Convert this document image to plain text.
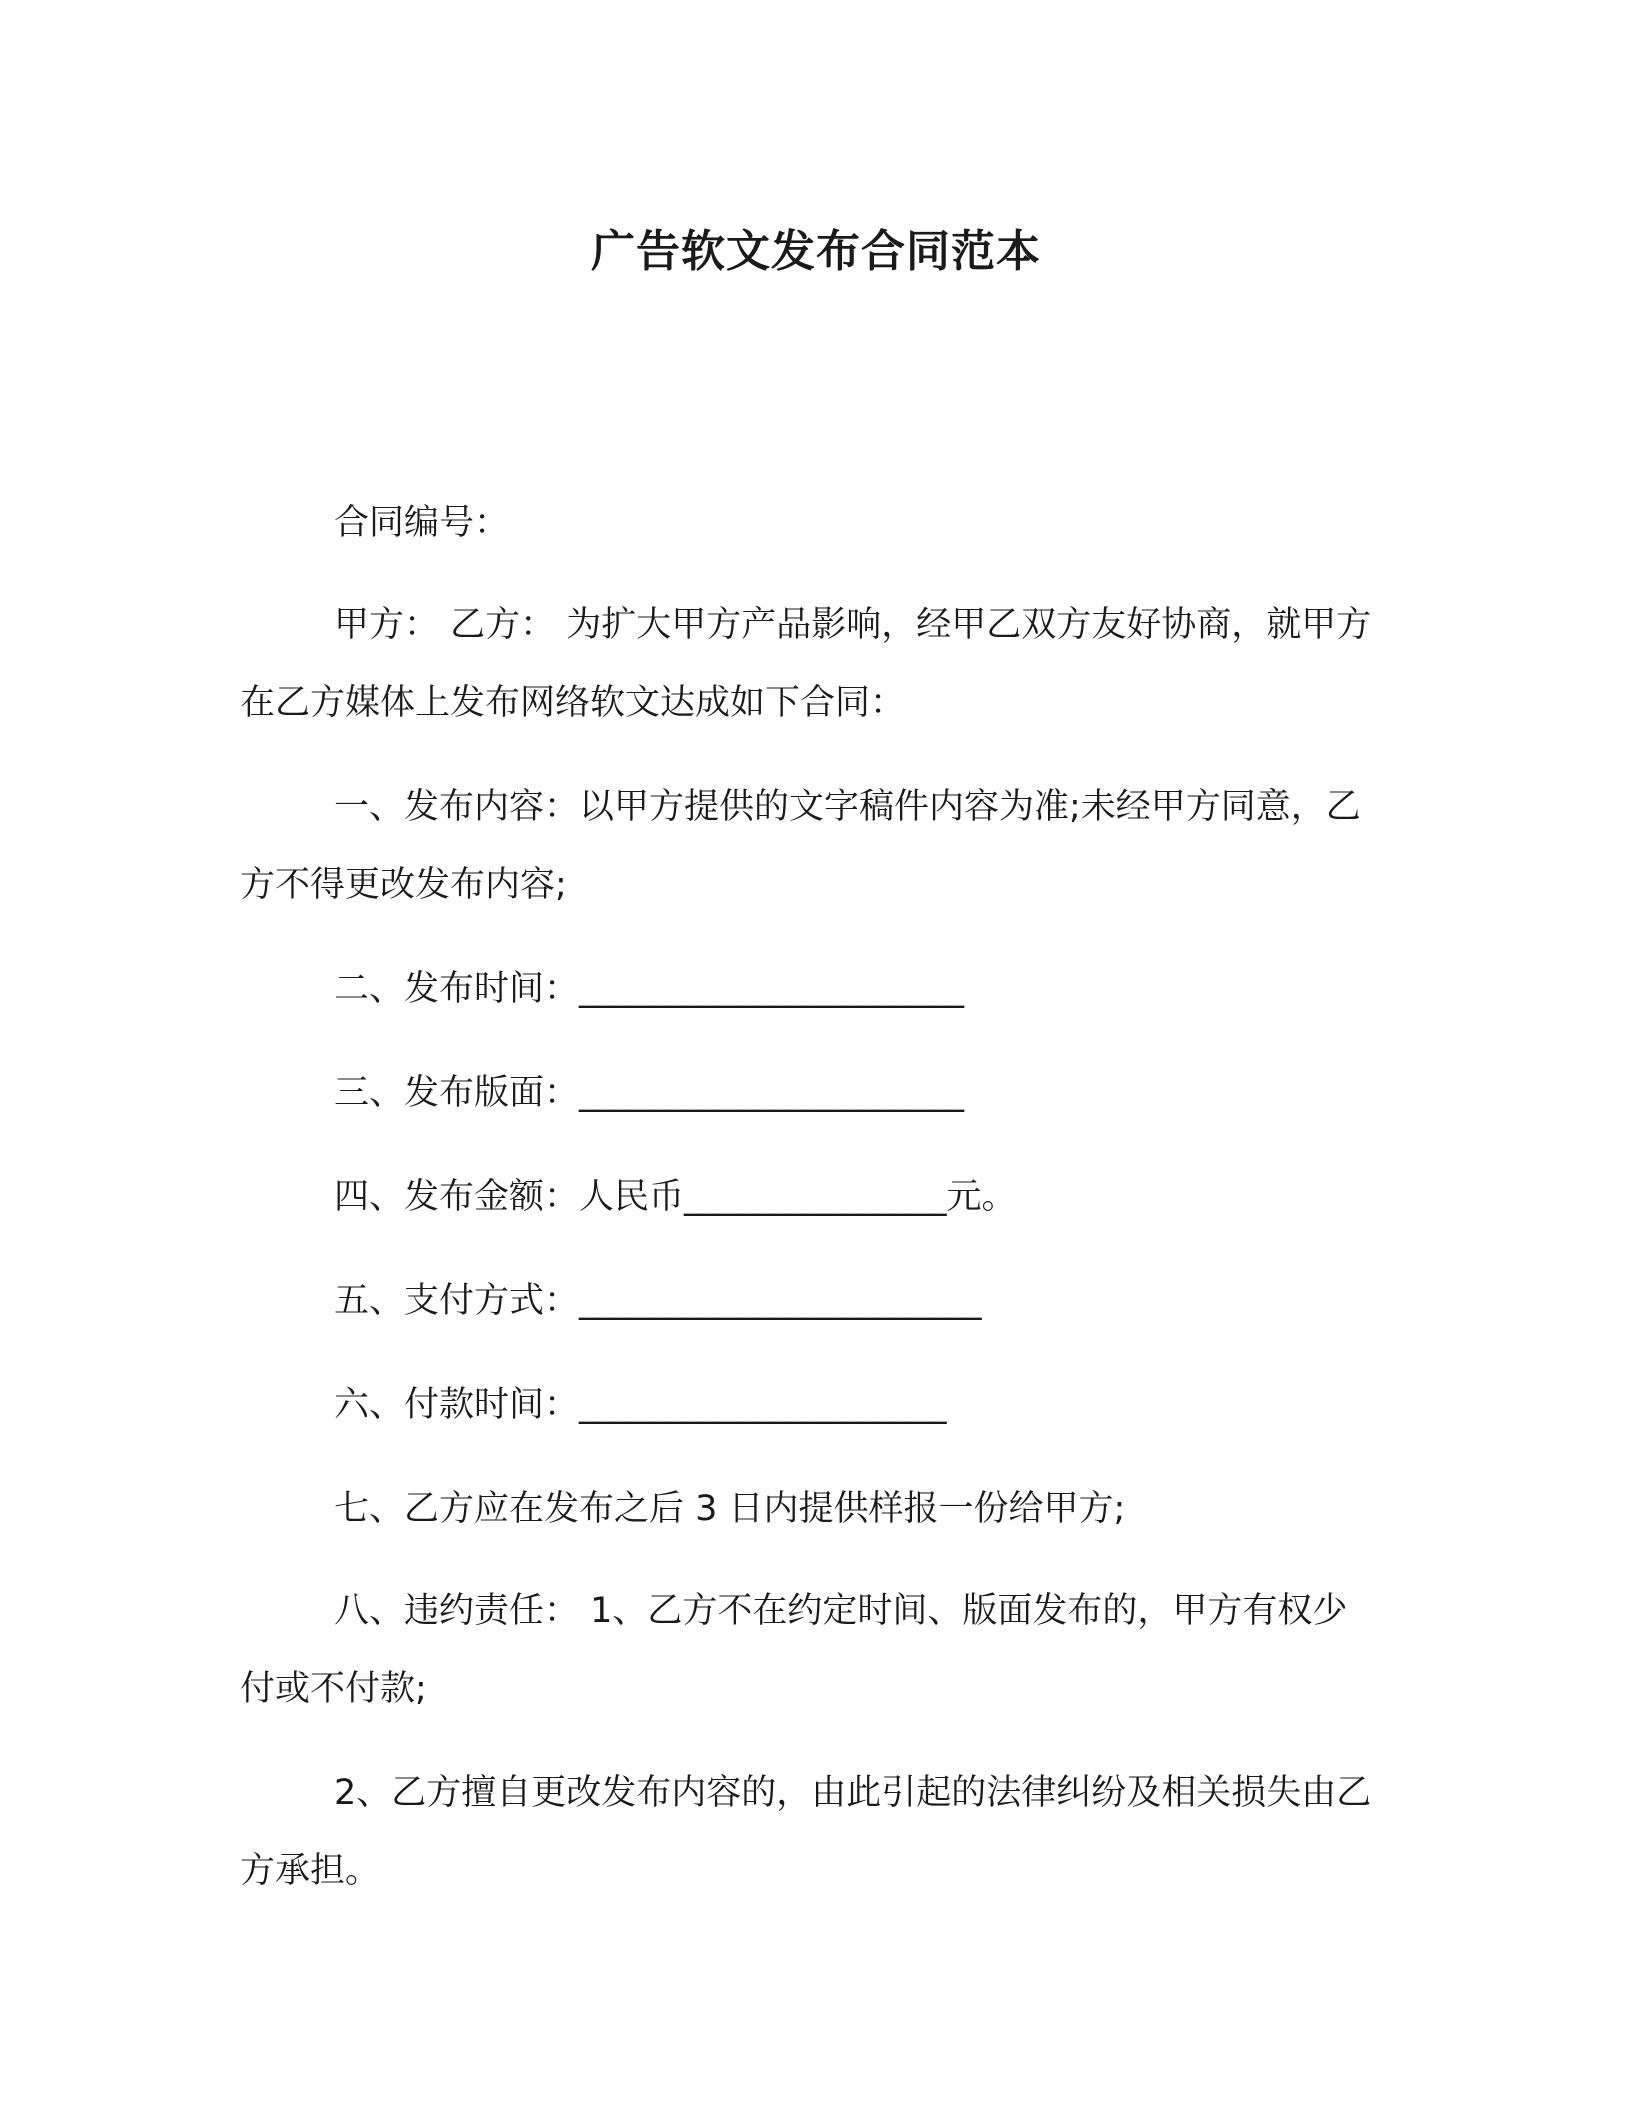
广告软文发布合同范本
合同编号：
甲方： 乙方： 为扩大甲方产品影响，经甲乙双方友好协商，就甲方在乙方媒体上发布网络软文达成如下合同：
一、发布内容：以甲方提供的文字稿件内容为准;未经甲方同意，乙方不得更改发布内容;
二、发布时间：______________________
三、发布版面：______________________
四、发布金额：人民币_______________元。
五、支付方式：_______________________
六、付款时间：_____________________
七、乙方应在发布之后 3 日内提供样报一份给甲方;
八、违约责任： 1、乙方不在约定时间、版面发布的，甲方有权少付或不付款;
2、乙方擅自更改发布内容的，由此引起的法律纠纷及相关损失由乙方承担。
